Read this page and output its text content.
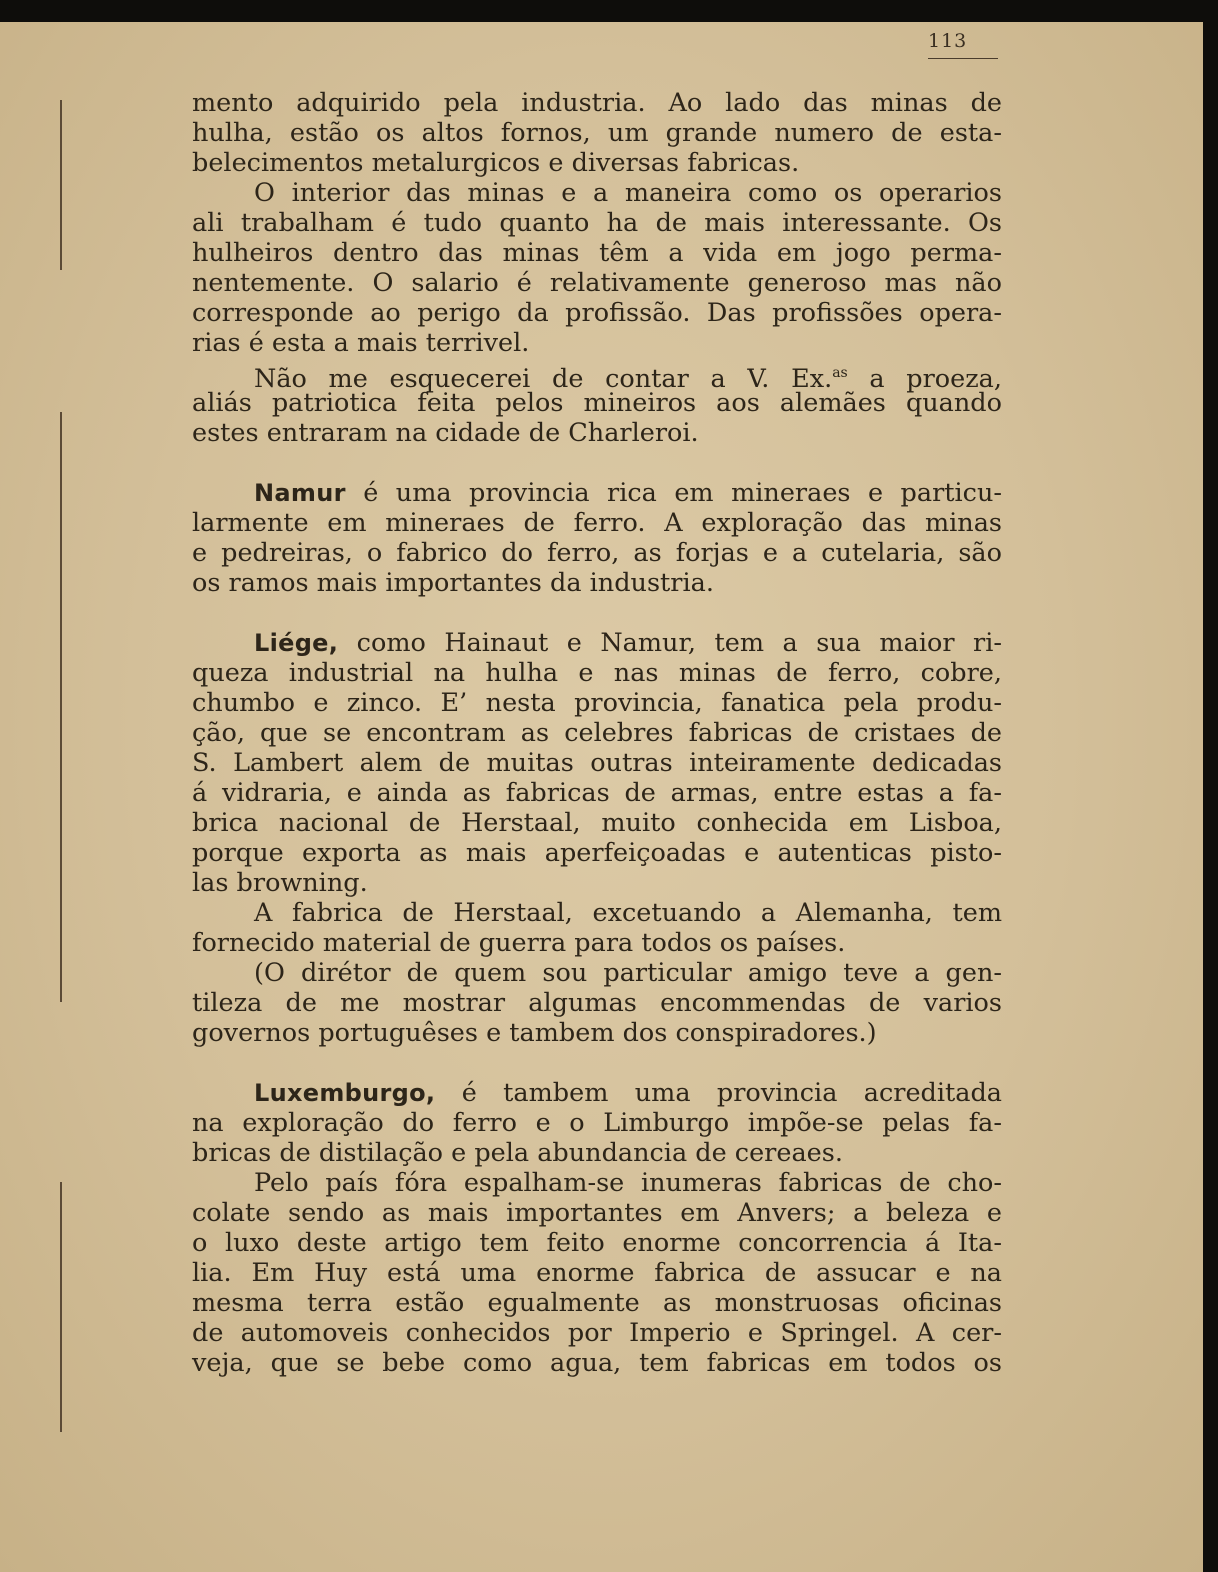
113
mento adquirido pela industria. Ao lado das minas de
hulha, estão os altos fornos, um grande numero de esta-
belecimentos metalurgicos e diversas fabricas.
O interior das minas e a maneira como os operarios
ali trabalham é tudo quanto ha de mais interessante. Os
hulheiros dentro das minas têm a vida em jogo perma-
nentemente. O salario é relativamente generoso mas não
corresponde ao perigo da profissão. Das profissões opera-
rias é esta a mais terrivel.
Não me esquecerei de contar a V. Ex.$^{as}$ a proeza,
aliás patriotica feita pelos mineiros aos alemães quando
estes entraram na cidade de Charleroi.
Namur é uma provincia rica em mineraes e particu-
larmente em mineraes de ferro. A exploração das minas
e pedreiras, o fabrico do ferro, as forjas e a cutelaria, são
os ramos mais importantes da industria.
Liége, como Hainaut e Namur, tem a sua maior ri-
queza industrial na hulha e nas minas de ferro, cobre,
chumbo e zinco. E’ nesta provincia, fanatica pela produ-
ção, que se encontram as celebres fabricas de cristaes de
S. Lambert alem de muitas outras inteiramente dedicadas
á vidraria, e ainda as fabricas de armas, entre estas a fa-
brica nacional de Herstaal, muito conhecida em Lisboa,
porque exporta as mais aperfeiçoadas e autenticas pisto-
las browning.
A fabrica de Herstaal, excetuando a Alemanha, tem
fornecido material de guerra para todos os países.
(O dirétor de quem sou particular amigo teve a gen-
tileza de me mostrar algumas encommendas de varios
governos portuguêses e tambem dos conspiradores.)
Luxemburgo, é tambem uma provincia acreditada
na exploração do ferro e o Limburgo impõe-se pelas fa-
bricas de distilação e pela abundancia de cereaes.
Pelo país fóra espalham-se inumeras fabricas de cho-
colate sendo as mais importantes em Anvers; a beleza e
o luxo deste artigo tem feito enorme concorrencia á Ita-
lia. Em Huy está uma enorme fabrica de assucar e na
mesma terra estão egualmente as monstruosas oficinas
de automoveis conhecidos por Imperio e Springel. A cer-
veja, que se bebe como agua, tem fabricas em todos os
